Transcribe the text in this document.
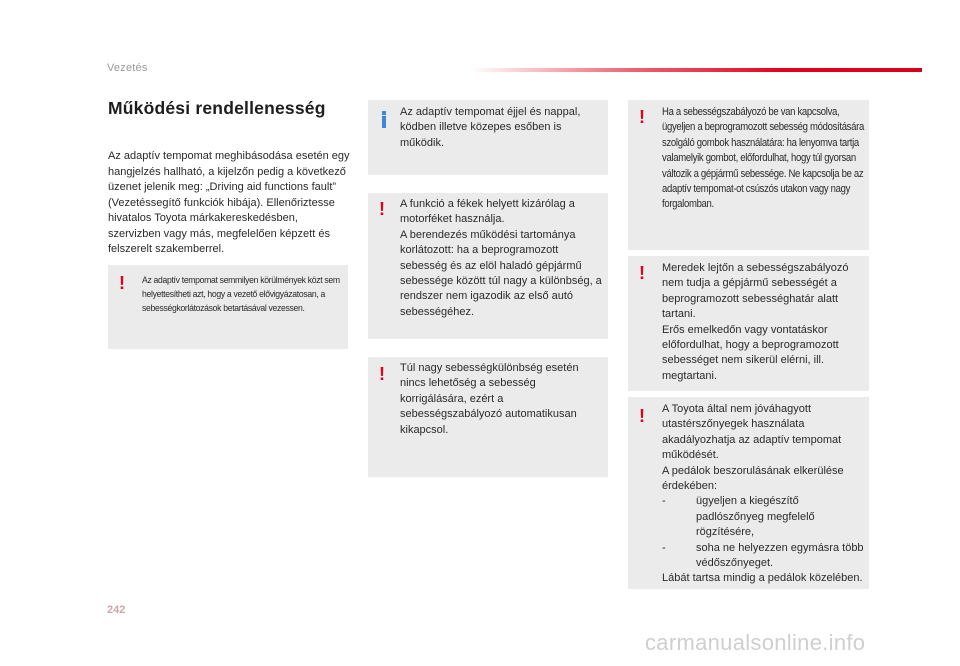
Vezetés
Működési rendellenesség
Az adaptív tempomat meghibásodása esetén egy hangjelzés hallható, a kijelzőn pedig a következő üzenet jelenik meg: „Driving aid functions fault” (Vezetéssegítő funkciók hibája). Ellenőriztesse hivatalos Toyota márkakereskedésben, szervizben vagy más, megfelelően képzett és felszerelt szakemberrel.
! Az adaptív tempomat semmilyen körülmények közt sem helyettesítheti azt, hogy a vezető elővigyázatosan, a sebességkorlátozások betartásával vezessen.
Az adaptív tempomat éjjel és nappal, ködben illetve közepes esőben is működik.
! A funkció a fékek helyett kizárólag a motorféket használja.
A berendezés működési tartománya korlátozott: ha a beprogramozott sebesség és az elöl haladó gépjármű sebessége között túl nagy a különbség, a rendszer nem igazodik az első autó sebességéhez.
! Túl nagy sebességkülönbség esetén nincs lehetőség a sebesség korrigálására, ezért a sebességszabályozó automatikusan kikapcsol.
! Ha a sebességszabályozó be van kapcsolva, ügyeljen a beprogramozott sebesség módosítására szolgáló gombok használatára: ha lenyomva tartja valamelyik gombot, előfordulhat, hogy túl gyorsan változik a gépjármű sebessége. Ne kapcsolja be az adaptív tempomat-ot csúszós utakon vagy nagy forgalomban.
! Meredek lejtőn a sebességszabályozó nem tudja a gépjármű sebességét a beprogramozott sebességhatár alatt tartani.
Erős emelkedőn vagy vontatáskor előfordulhat, hogy a beprogramozott sebességet nem sikerül elérni, ill. megtartani.
! A Toyota által nem jóváhagyott utastérszőnyegek használata akadályozhatja az adaptív tempomat működését.
A pedálok beszorulásának elkerülése érdekében:
-	ügyeljen a kiegészítő padlószőnyeg megfelelő rögzítésére,
-	soha ne helyezzen egymásra több védőszőnyeget.
Lábát tartsa mindig a pedálok közelében.
242
carmanualsonline.info
